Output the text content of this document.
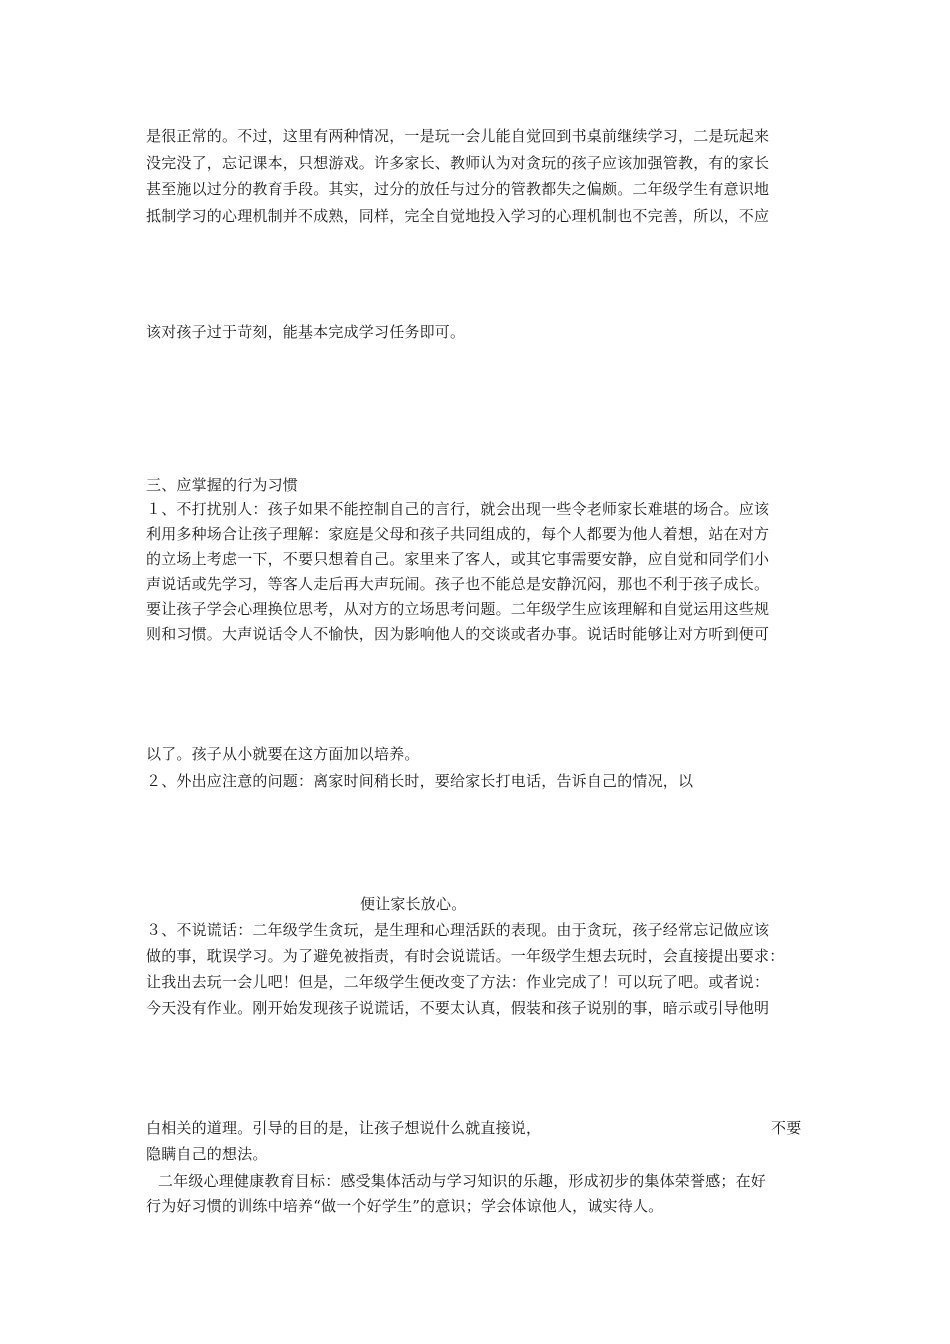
是很正常的。不过，这里有两种情况，一是玩一会儿能自觉回到书桌前继续学习，二是玩起来
没完没了，忘记课本，只想游戏。许多家长、教师认为对贪玩的孩子应该加强管教，有的家长
甚至施以过分的教育手段。其实，过分的放任与过分的管教都失之偏颇。二年级学生有意识地
抵制学习的心理机制并不成熟，同样，完全自觉地投入学习的心理机制也不完善，所以，不应
该对孩子过于苛刻，能基本完成学习任务即可。
三、应掌握的行为习惯
１、不打扰别人：孩子如果不能控制自己的言行，就会出现一些令老师家长难堪的场合。应该
利用多种场合让孩子理解：家庭是父母和孩子共同组成的，每个人都要为他人着想，站在对方
的立场上考虑一下，不要只想着自己。家里来了客人，或其它事需要安静，应自觉和同学们小
声说话或先学习，等客人走后再大声玩闹。孩子也不能总是安静沉闷，那也不利于孩子成长。
要让孩子学会心理换位思考，从对方的立场思考问题。二年级学生应该理解和自觉运用这些规
则和习惯。大声说话令人不愉快，因为影响他人的交谈或者办事。说话时能够让对方听到便可
以了。孩子从小就要在这方面加以培养。
２、外出应注意的问题：离家时间稍长时，要给家长打电话，告诉自己的情况，以
便让家长放心。
３、不说谎话：二年级学生贪玩，是生理和心理活跃的表现。由于贪玩，孩子经常忘记做应该
做的事，耽误学习。为了避免被指责，有时会说谎话。一年级学生想去玩时，会直接提出要求：
让我出去玩一会儿吧！但是，二年级学生便改变了方法：作业完成了！可以玩了吧。或者说：
今天没有作业。刚开始发现孩子说谎话，不要太认真，假装和孩子说别的事，暗示或引导他明
白相关的道理。引导的目的是，让孩子想说什么就直接说，	不要
隐瞒自己的想法。
二年级心理健康教育目标：感受集体活动与学习知识的乐趣，形成初步的集体荣誉感；在好
行为好习惯的训练中培养“做一个好学生”的意识；学会体谅他人，诚实待人。
